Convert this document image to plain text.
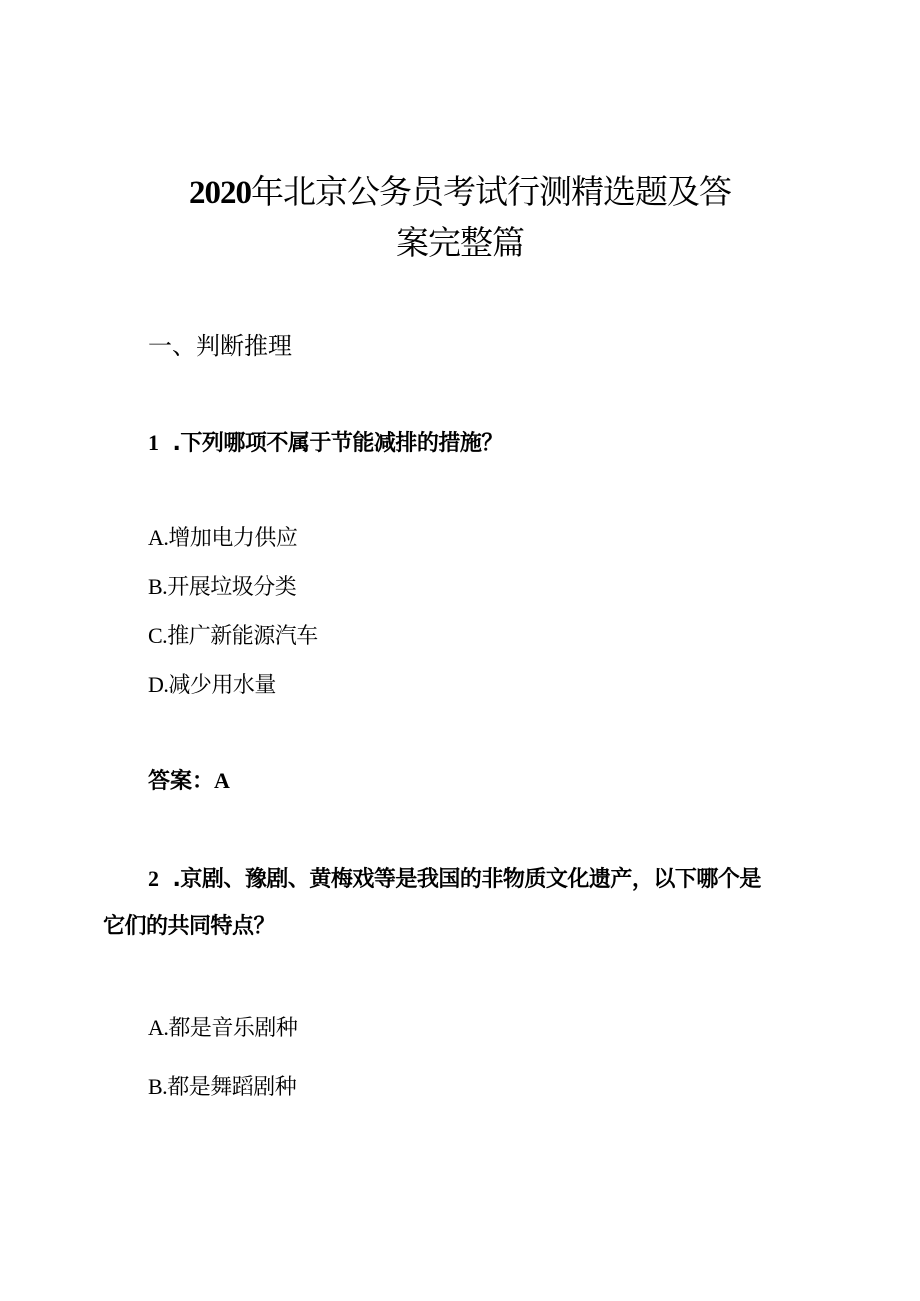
2020年北京公务员考试行测精选题及答
案完整篇
一、判断推理
1 .下列哪项不属于节能减排的措施？
A.增加电力供应
B.开展垃圾分类
C.推广新能源汽车
D.减少用水量
答案：A
2 .京剧、豫剧、黄梅戏等是我国的非物质文化遗产，以下哪个是
它们的共同特点？
A.都是音乐剧种
B.都是舞蹈剧种
